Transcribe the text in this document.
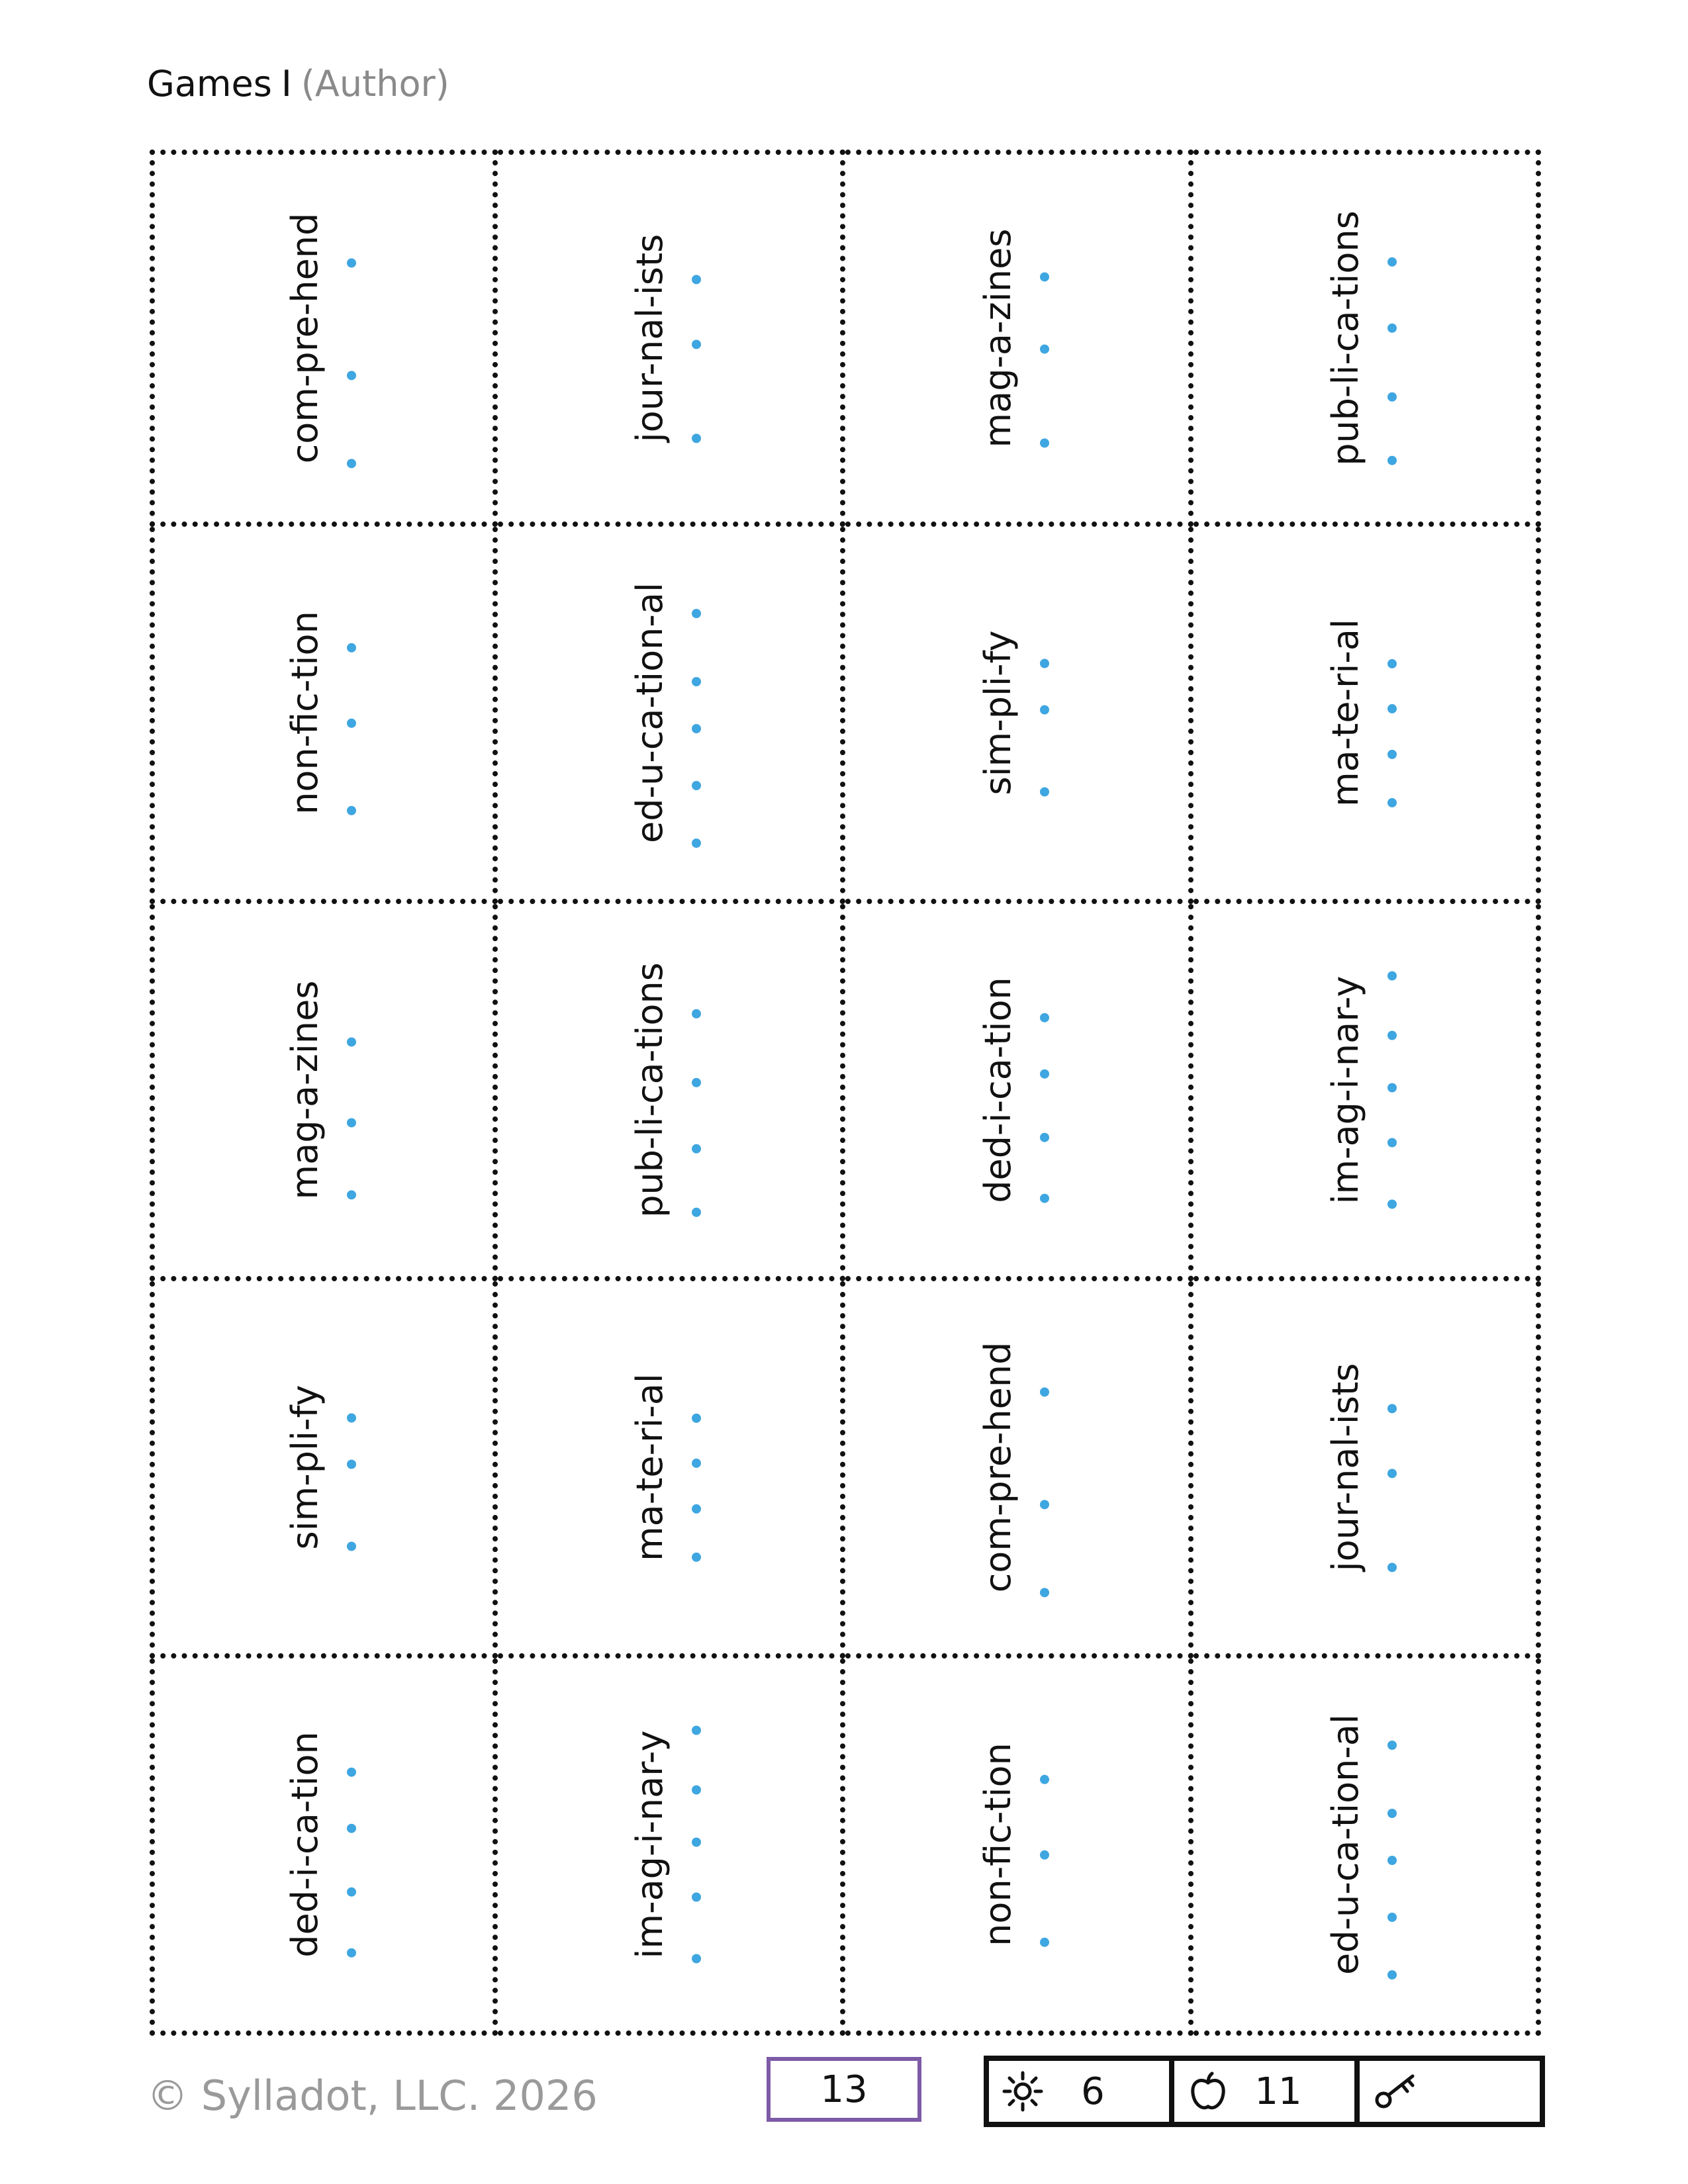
Games I (Author)
com-pre-hend	jour-nal-ists	mag-a-zines	pub-li-ca-tions
non-fic-tion	ed-u-ca-tion-al	sim-pli-fy	ma-te-ri-al
mag-a-zines	pub-li-ca-tions	ded-i-ca-tion	im-ag-i-nar-y
sim-pli-fy	ma-te-ri-al	com-pre-hend	jour-nal-ists
ded-i-ca-tion	im-ag-i-nar-y	non-fic-tion	ed-u-ca-tion-al
© Sylladot, LLC. 2026	13	6	11
